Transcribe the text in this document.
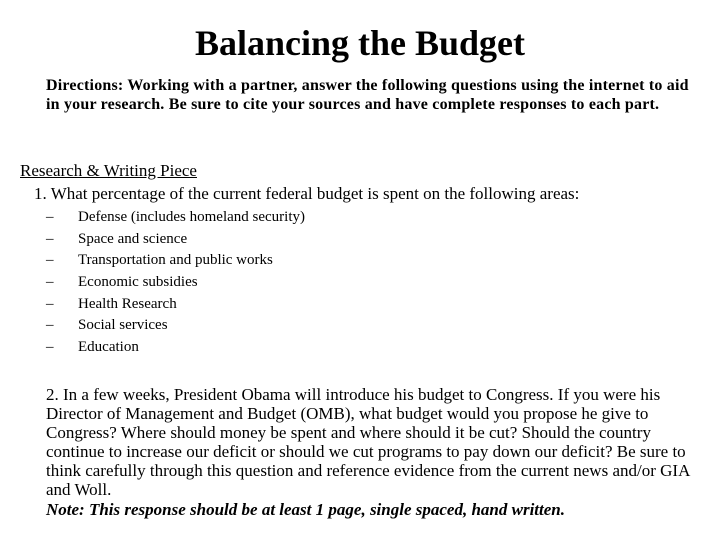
Balancing the Budget
Directions: Working with a partner, answer the following questions using the internet to aid in your research. Be sure to cite your sources and have complete responses to each part.
Research & Writing Piece
1. What percentage of the current federal budget is spent on the following areas:
–	Defense (includes homeland security)
–	Space and science
–	Transportation and public works
–	Economic subsidies
–	Health Research
–	Social services
–	Education

2. In a few weeks, President Obama will introduce his budget to Congress. If you were his Director of Management and Budget (OMB), what budget would you propose he give to Congress? Where should money be spent and where should it be cut? Should the country continue to increase our deficit or should we cut programs to pay down our deficit? Be sure to think carefully through this question and reference evidence from the current news and/or GIA and Woll.

Note: This response should be at least 1 page, single spaced, hand written.
